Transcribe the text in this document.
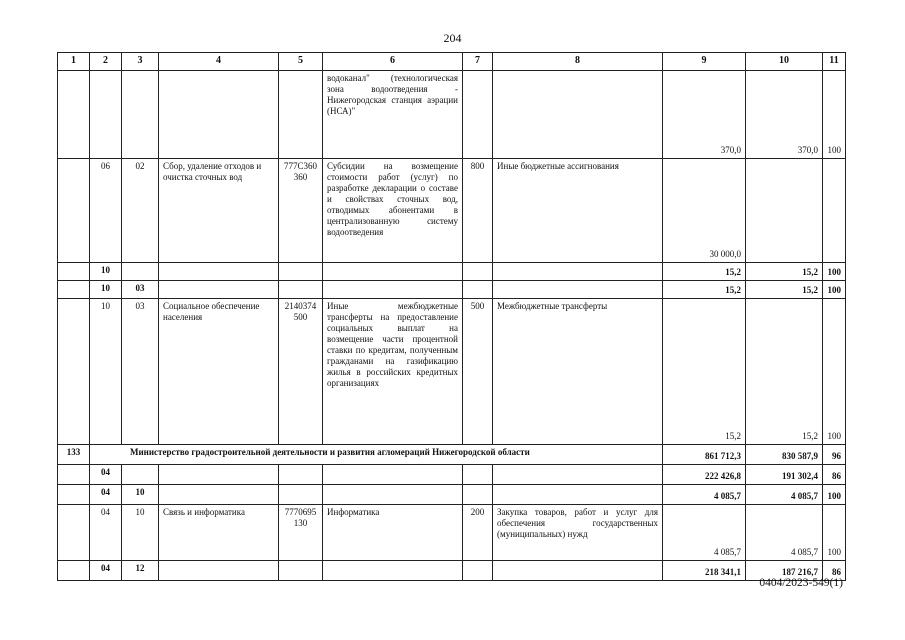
204
1	2	3	4	5	6	7	8	9	10	11
					водоканал" (технологическая зона водоотведения - Нижегородская станция аэрации (НСА)"			370,0	370,0	100
	06	02	Сбор, удаление отходов и очистка сточных вод	777С360360	Субсидии на возмещение стоимости работ (услуг) по разработке декларации о составе и свойствах сточных вод, отводимых абонентами в централизованную систему водоотведения	800	Иные бюджетные ассигнования	30 000,0		
	10							15,2	15,2	100
	10	03						15,2	15,2	100
	10	03	Социальное обеспечение населения	2140374500	Иные межбюджетные трансферты на предоставление социальных выплат на возмещение части процентной ставки по кредитам, полученным гражданами на газификацию жилья в российских кредитных организациях	500	Межбюджетные трансферты	15,2	15,2	100
133	Министерство градостроительной деятельности и развития агломераций Нижегородской области							861 712,3	830 587,9	96
	04							222 426,8	191 302,4	86
	04	10						4 085,7	4 085,7	100
	04	10	Связь и информатика	7770695130	Информатика	200	Закупка товаров, работ и услуг для обеспечения государственных (муниципальных) нужд	4 085,7	4 085,7	100
	04	12						218 341,1	187 216,7	86
0404/2023-549(1)
